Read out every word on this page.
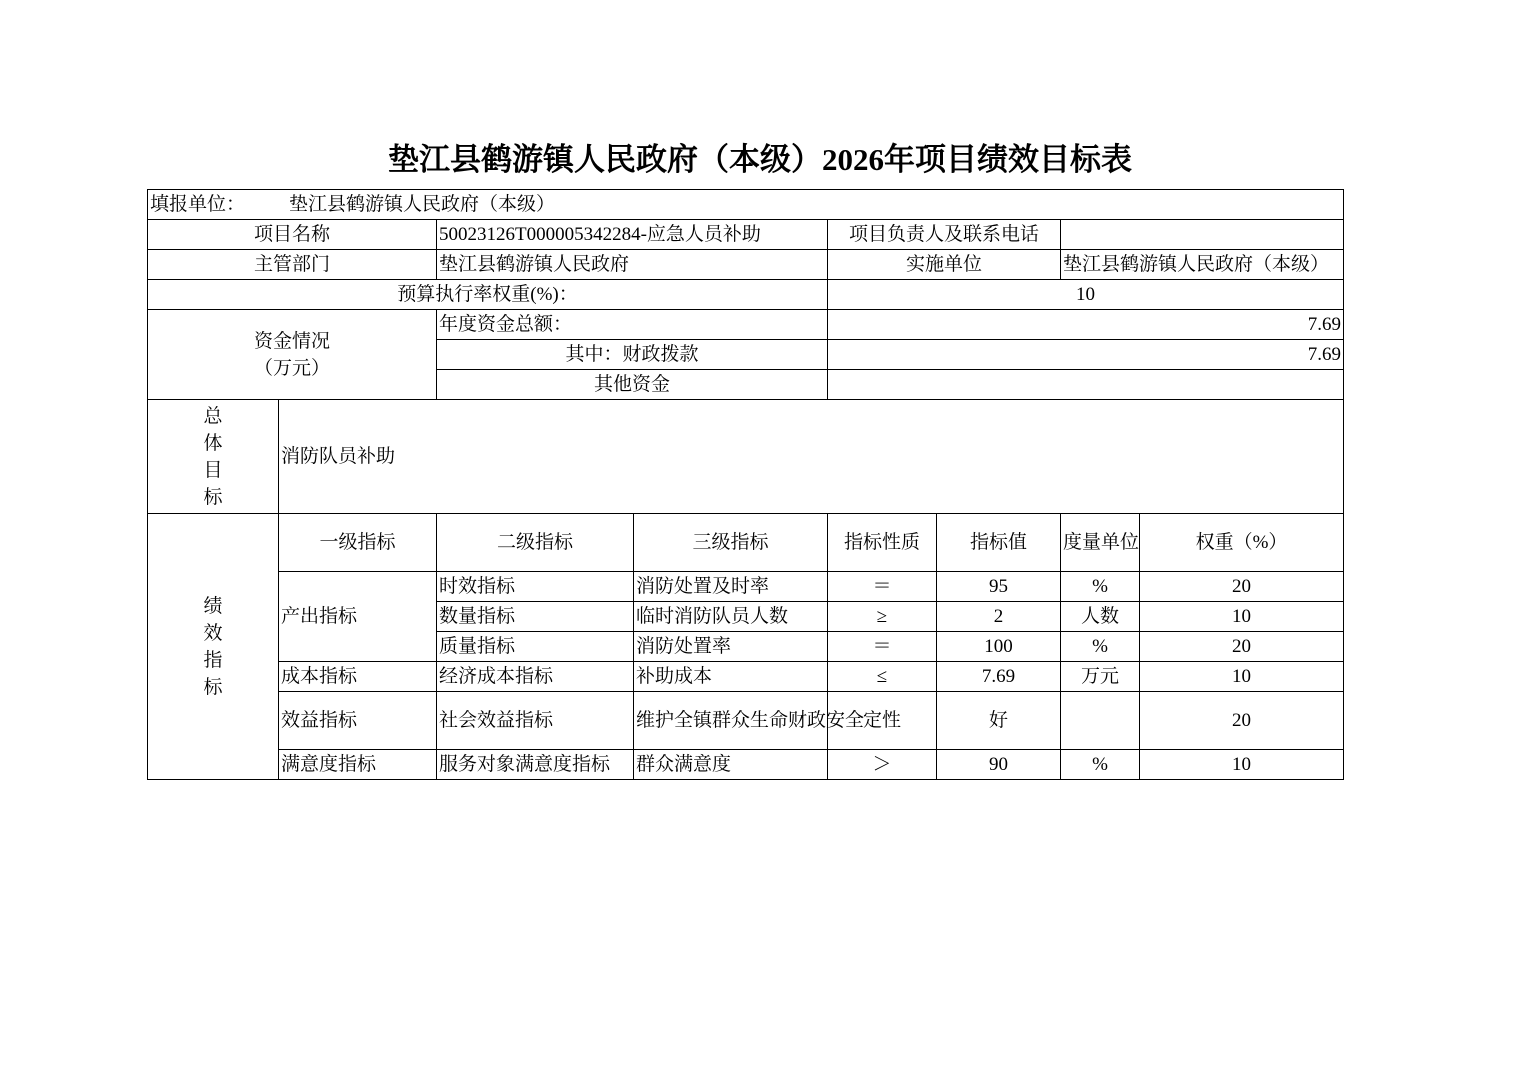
垫江县鹤游镇人民政府（本级）2026年项目绩效目标表
填报单位： 垫江县鹤游镇人民政府（本级）							
项目名称		50023126T000005342284-应急人员补助		项目负责人及联系电话			
主管部门		垫江县鹤游镇人民政府		实施单位		垫江县鹤游镇人民政府（本级）	
预算执行率权重(%)：				10			

资金情况
（万元）		年度资金总额：		7.69			
		其中：财政拨款		7.69			
		其他资金					

总
体
目
标	消防队员补助						

绩
效
指
标	一级指标	二级指标	三级指标	指标性质	指标值	度量单位	权重（%）
	产出指标	时效指标	消防处置及时率	＝	95	%	20
		数量指标	临时消防队员人数	≥	2	人数	10
		质量指标	消防处置率	＝	100	%	20
	成本指标	经济成本指标	补助成本	≤	7.69	万元	10
	效益指标	社会效益指标	维护全镇群众生命财政安全	定性	好		20
	满意度指标	服务对象满意度指标	群众满意度	＞	90	%	10
